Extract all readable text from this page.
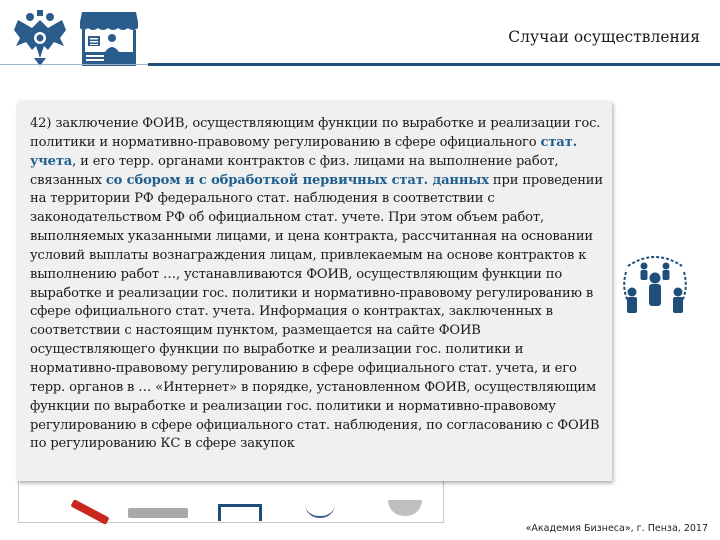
Случаи осуществления
42) заключение ФОИВ, осуществляющим функции по выработке и реализации гос. политики и нормативно-правовому регулированию в сфере официального стат. учета, и его терр. органами контрактов с физ. лицами на выполнение работ, связанных со сбором и с обработкой первичных стат. данных при проведении на территории РФ федерального стат. наблюдения в соответствии с законодательством РФ об официальном стат. учете. При этом объем работ, выполняемых указанными лицами, и цена контракта, рассчитанная на основании условий выплаты вознаграждения лицам, привлекаемым на основе контрактов к выполнению работ …, устанавливаются ФОИВ, осуществляющим функции по выработке и реализации гос. политики и нормативно-правовому регулированию в сфере официального стат. учета. Информация о контрактах, заключенных в соответствии с настоящим пунктом, размещается на сайте ФОИВ осуществляющего функции по выработке и реализации гос. политики и нормативно-правовому регулированию в сфере официального стат. учета, и его терр. органов в … «Интернет» в порядке, установленном ФОИВ, осуществляющим функции по выработке и реализации гос. политики и нормативно-правовому регулированию в сфере официального стат. наблюдения, по согласованию с ФОИВ по регулированию КС в сфере закупок
«Академия Бизнеса», г. Пенза, 2017
